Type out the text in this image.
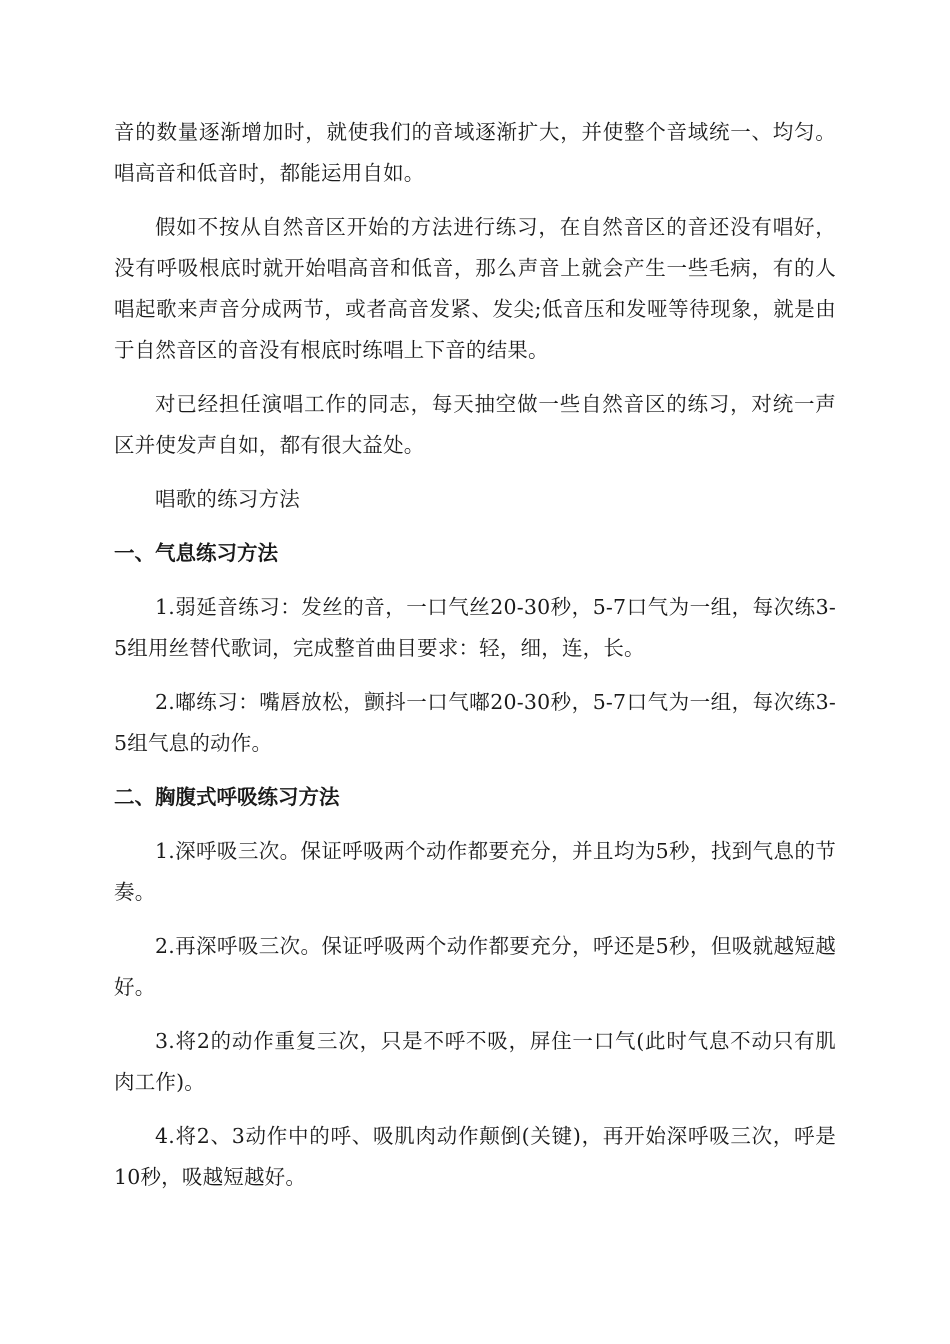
音的数量逐渐增加时，就使我们的音域逐渐扩大，并使整个音域统一、均匀。唱高音和低音时，都能运用自如。

假如不按从自然音区开始的方法进行练习，在自然音区的音还没有唱好，没有呼吸根底时就开始唱高音和低音，那么声音上就会产生一些毛病，有的人唱起歌来声音分成两节，或者高音发紧、发尖;低音压和发哑等待现象，就是由于自然音区的音没有根底时练唱上下音的结果。

对已经担任演唱工作的同志，每天抽空做一些自然音区的练习，对统一声区并使发声自如，都有很大益处。

唱歌的练习方法

一、气息练习方法

1.弱延音练习：发丝的音，一口气丝20-30秒，5-7口气为一组，每次练3-5组用丝替代歌词，完成整首曲目要求：轻，细，连，长。

2.嘟练习：嘴唇放松，颤抖一口气嘟20-30秒，5-7口气为一组，每次练3-5组气息的动作。

二、胸腹式呼吸练习方法

1.深呼吸三次。保证呼吸两个动作都要充分，并且均为5秒，找到气息的节奏。

2.再深呼吸三次。保证呼吸两个动作都要充分，呼还是5秒，但吸就越短越好。

3.将2的动作重复三次，只是不呼不吸，屏住一口气(此时气息不动只有肌肉工作)。

4.将2、3动作中的呼、吸肌肉动作颠倒(关键)，再开始深呼吸三次，呼是10秒，吸越短越好。
